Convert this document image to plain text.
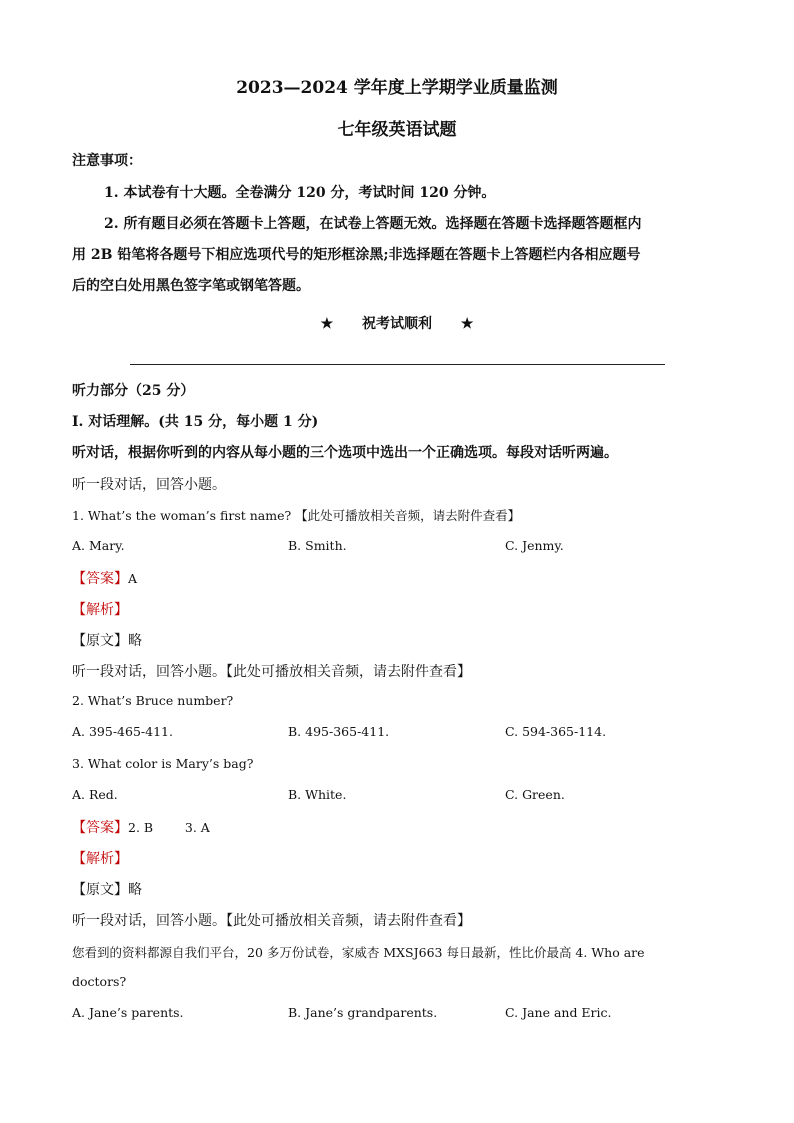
2023—2024 学年度上学期学业质量监测
七年级英语试题
注意事项：
1. 本试卷有十大题。全卷满分 120 分，考试时间 120 分钟。
2. 所有题目必须在答题卡上答题，在试卷上答题无效。选择题在答题卡选择题答题框内
用 2B 铅笔将各题号下相应选项代号的矩形框涂黑;非选择题在答题卡上答题栏内各相应题号
后的空白处用黑色签字笔或钢笔答题。
★ 祝考试顺利 ★
听力部分（25 分）
I. 对话理解。(共 15 分，每小题 1 分)
听对话，根据你听到的内容从每小题的三个选项中选出一个正确选项。每段对话听两遍。
听一段对话，回答小题。
1. What’s the woman’s first name? 【此处可播放相关音频，请去附件查看】
A. Mary.	B. Smith.	C. Jenmy.
【答案】A
【解析】
【原文】略
听一段对话，回答小题。【此处可播放相关音频，请去附件查看】
2. What’s Bruce number?
A. 395-465-411.	B. 495-365-411.	C. 594-365-114.
3. What color is Mary’s bag?
A. Red.	B. White.	C. Green.
【答案】2. B        3. A
【解析】
【原文】略
听一段对话，回答小题。【此处可播放相关音频，请去附件查看】
您看到的资料都源自我们平台，20 多万份试卷，家威杏 MXSJ663 每日最新，性比价最高 4. Who are
doctors?
A. Jane’s parents.	B. Jane’s grandparents.	C. Jane and Eric.
